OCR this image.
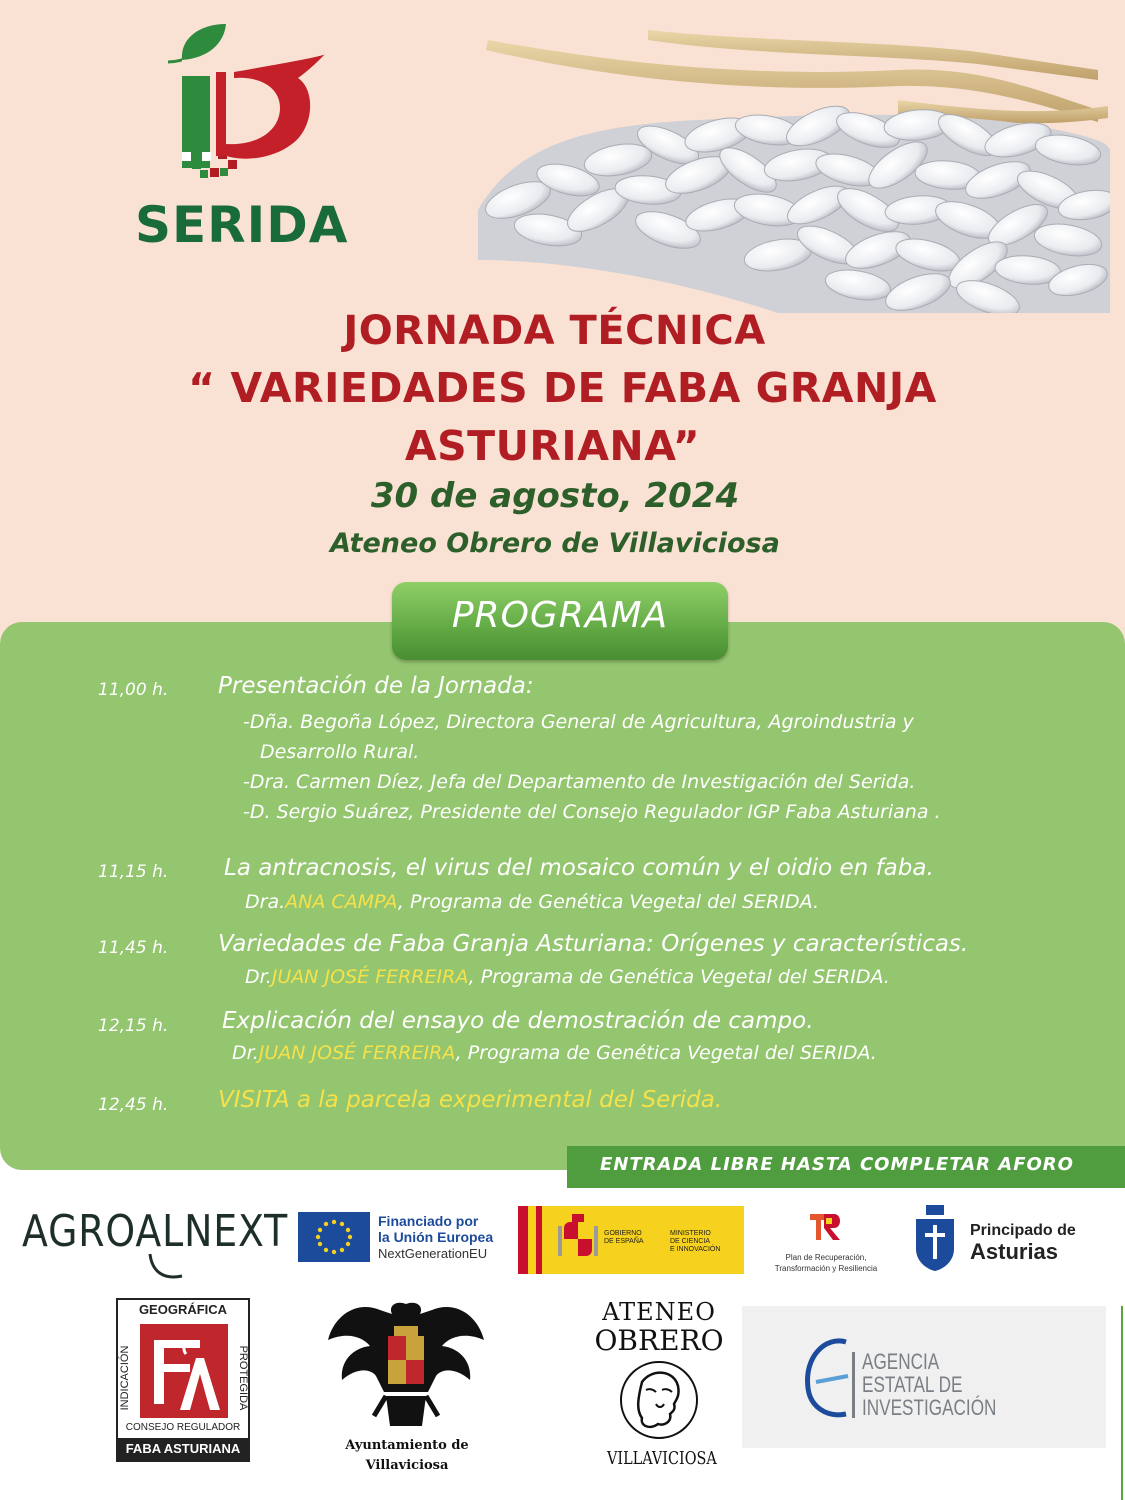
SERIDA
JORNADA TÉCNICA
“ VARIEDADES DE FABA GRANJA
ASTURIANA”
30 de agosto, 2024
Ateneo Obrero de Villaviciosa
PROGRAMA
11,00 h. Presentación de la Jornada:
-Dña. Begoña López, Directora General de Agricultura, Agroindustria y
Desarrollo Rural.
-Dra. Carmen Díez, Jefa del Departamento de Investigación del Serida.
-D. Sergio Suárez, Presidente del Consejo Regulador IGP Faba Asturiana .
11,15 h. La antracnosis, el virus del mosaico común y el oidio en faba.
Dra.ANA CAMPA, Programa de Genética Vegetal del SERIDA.
11,45 h. Variedades de Faba Granja Asturiana: Orígenes y características.
Dr.JUAN JOSÉ FERREIRA, Programa de Genética Vegetal del SERIDA.
12,15 h. Explicación del ensayo de demostración de campo.
Dr.JUAN JOSÉ FERREIRA, Programa de Genética Vegetal del SERIDA.
12,45 h. VISITA a la parcela experimental del Serida.
ENTRADA LIBRE HASTA COMPLETAR AFORO
AGROALNEXT	Financiado por
la Unión Europea
NextGenerationEU
GOBIERNO
DE ESPAÑA
MINISTERIO
DE CIENCIA
E INNOVACIÓN
Plan de Recuperación,
Transformación y Resiliencia
Principado de
Asturias
GEOGRÁFICA
INDICACIÓN	PROTEGIDA
CONSEJO REGULADOR
FABA ASTURIANA	Ayuntamiento de
Villaviciosa
ATENEO
OBRERO
VILLAVICIOSA
AGENCIA
ESTATAL DE
INVESTIGACIÓN
